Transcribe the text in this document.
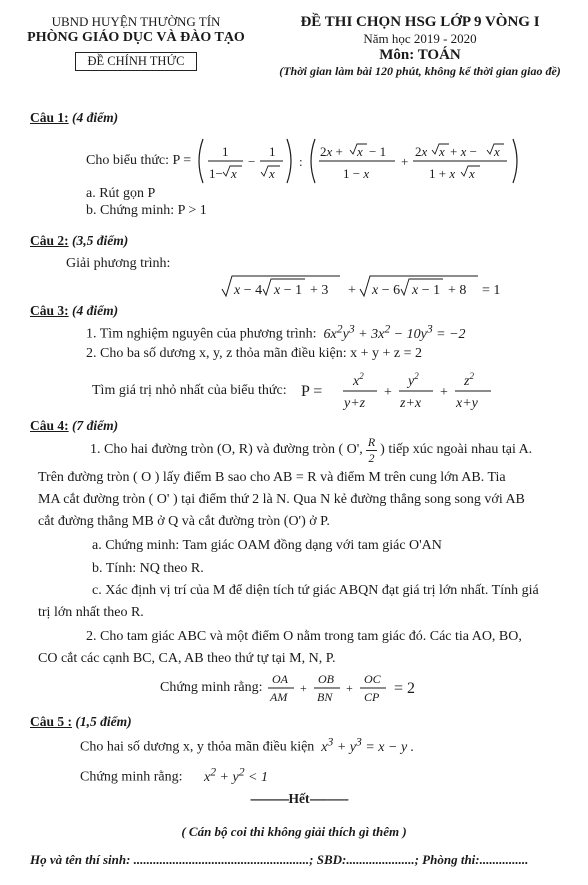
UBND HUYỆN THƯỜNG TÍN
PHÒNG GIÁO DỤC VÀ ĐÀO TẠO
ĐỀ CHÍNH THỨC
ĐỀ THI CHỌN HSG LỚP 9 VÒNG I
Năm học 2019 - 2020
Môn: TOÁN
(Thời gian làm bài 120 phút, không kể thời gian giao đề)
Câu 1: (4 điểm)
Cho biểu thức: P =
1
1− x
−
1
x
:
2x + x − 1
1 − x
+
2x x + x − x
1 + x x
a. Rút gọn P
b. Chứng minh: P > 1
Câu 2: (3,5 điểm)
Giải phương trình:
x − 4 x − 1 + 3 + x − 6 x − 1 + 8 = 1
Câu 3: (4 điểm)
1. Tìm nghiệm nguyên của phương trình:  $6x^2y^3 + 3x^2 - 10y^3 = -2$
2. Cho ba số dương x, y, z thỏa mãn điều kiện: x + y + z = 2
Tìm giá trị nhỏ nhất của biểu thức: P =
$x^2$
y+z
+
$y^2$
z+x
+
$z^2$
x+y
Câu 4: (7 điểm)
1. Cho hai đường tròn (O, R) và đường tròn ( O', $\frac{R}{2}$ ) tiếp xúc ngoài nhau tại A.
Trên đường tròn ( O ) lấy điểm B sao cho AB = R và điểm M trên cung lớn AB. Tia
MA cắt đường tròn ( O' ) tại điểm thứ 2 là N. Qua N kẻ đường thẳng song song với AB
cắt đường thẳng MB ở Q và cắt đường tròn (O') ở P.
a. Chứng minh: Tam giác OAM đồng dạng với tam giác O'AN
b. Tính: NQ theo R.
c. Xác định vị trí của M để diện tích tứ giác ABQN đạt giá trị lớn nhất. Tính giá
trị lớn nhất theo R.
2. Cho tam giác ABC và một điểm O nằm trong tam giác đó. Các tia AO, BO,
CO cắt các cạnh BC, CA, AB theo thứ tự tại M, N, P.
Chứng minh rằng:
OA
AM
+
OB
BN
+
OC
CP = 2
Câu 5 : (1,5 điểm)
Cho hai số dương x, y thỏa mãn điều kiện  $x^3 + y^3 = x - y$ .
Chứng minh rằng: $x^2 + y^2 < 1$
-----------Hết-----------
( Cán bộ coi thi không giải thích gì thêm )
Họ và tên thí sinh: ......................................................; SBD:.....................; Phòng thi:...............
